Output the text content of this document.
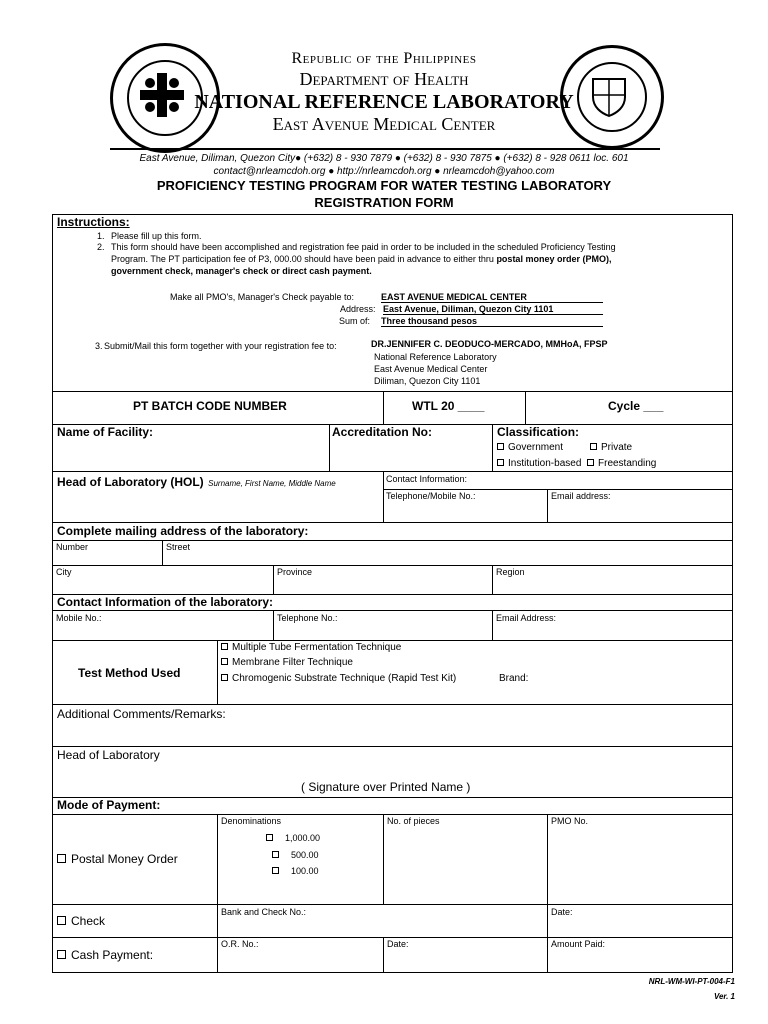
Republic of the Philippines
Department of Health
NATIONAL REFERENCE LABORATORY
East Avenue Medical Center
East Avenue, Diliman, Quezon City● (+632) 8 - 930 7879 ● (+632) 8 - 930 7875 ● (+632) 8 - 928 0611 loc. 601
contact@nrleamcdoh.org ● http://nrleamcdoh.org ● nrleamcdoh@yahoo.com
PROFICIENCY TESTING PROGRAM FOR WATER TESTING LABORATORY
REGISTRATION FORM
Instructions:
1. Please fill up this form.
2. This form should have been accomplished and registration fee paid in order to be included in the scheduled Proficiency Testing
Program. The PT participation fee of P3, 000.00 should have been paid in advance to either thru postal money order (PMO),
government check, manager's check or direct cash payment.
Make all PMO's, Manager's Check payable to:	EAST AVENUE MEDICAL CENTER
Address: East Avenue, Diliman, Quezon City 1101
Sum of: Three thousand pesos
3. Submit/Mail this form together with your registration fee to:	DR.JENNIFER C. DEODUCO-MERCADO, MMHoA, FPSP
National Reference Laboratory
East Avenue Medical Center
Diliman, Quezon City 1101
PT BATCH CODE NUMBER	WTL 20 ____	Cycle ___
Name of Facility:	Accreditation No:	Classification:
Government	Private
Institution-based	Freestanding
Head of Laboratory (HOL) Surname, First Name, Middle Name	Contact Information:
Telephone/Mobile No.:	Email address:
Complete mailing address of the laboratory:
Number	Street
City	Province	Region
Contact Information of the laboratory:
Mobile No.:	Telephone No.:	Email Address:
Test Method Used
Multiple Tube Fermentation Technique
Membrane Filter Technique
Chromogenic Substrate Technique (Rapid Test Kit)	Brand:
Additional Comments/Remarks:
Head of Laboratory
( Signature over Printed Name )
Mode of Payment:
Postal Money Order
Denominations	No. of pieces	PMO No.
1,000.00
500.00
100.00
Check
Bank and Check No.:	Date:
Cash Payment:
O.R. No.:	Date:	Amount Paid:
NRL-WM-WI-PT-004-F1
Ver. 1
